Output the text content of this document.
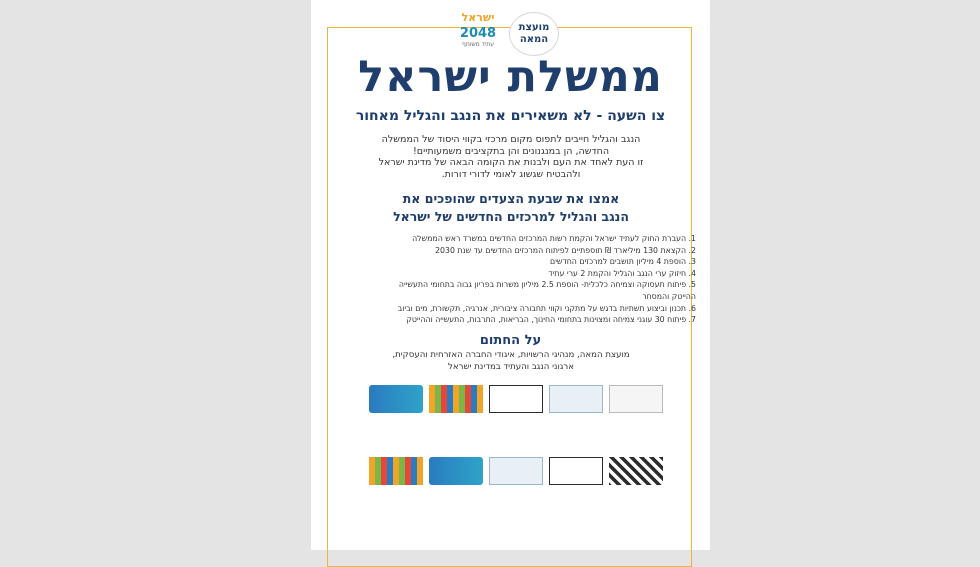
ישראל
2048
עתיד משותף
מועצת
המאה
ממשלת ישראל
צו השעה - לא משאירים את הנגב והגליל מאחור
הנגב והגליל חייבים לתפוס מקום מרכזי בקווי היסוד של הממשלה
החדשה, הן במנגנונים והן בתקציבים משמעותיים!
זו העת לאחד את העם ולבנות את הקומה הבאה של מדינת ישראל
ולהבטיח שגשוג לאומי לדורי דורות.
אמצו את שבעת הצעדים שהופכים את
הנגב והגליל למרכזים החדשים של ישראל
1. העברת החוק לעתיד ישראל והקמת רשות המרכזים החדשים במשרד ראש הממשלה
2. הקצאת 130 מיליארד ₪ תוספתיים לפיתוח המרכזים החדשים עד שנת 2030
3. הוספת 4 מיליון תושבים למרכזים החדשים
4. חיזוק ערי הנגב והגליל והקמת 2 ערי עתיד
5. פיתוח תעסוקה וצמיחה כלכלית- הוספת 2.5 מיליון משרות בפריון גבוה בתחומי התעשייה
ההייטק והמסחר
6. תכנון וביצוע תשתיות בדגש על מתקני וקווי תחבורה ציבורית, אנרגיה, תקשורת, מים וביוב
7. פיתוח 30 עוגני צמיחה ומצוינות בתחומי החינוך, הבריאות, התרבות, התעשייה וההייטק
על החתום
מועצת המאה, מנהיגי הרשויות, איגודי החברה האזרחית והעסקית,
ארגוני הנגב והעתיד במדינת ישראל
